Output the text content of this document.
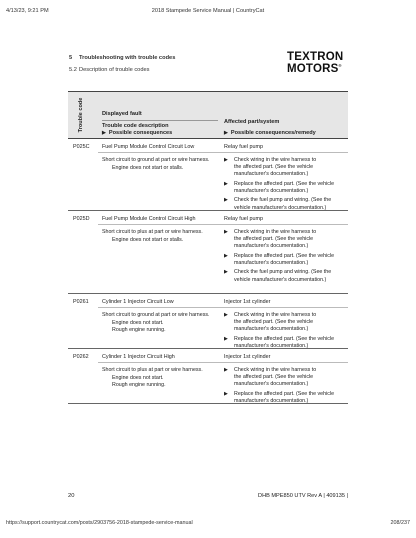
4/13/23, 9:21 PM	2018 Stampede Service Manual | CountryCat
TEXTRON
MOTORS®
5 Troubleshooting with trouble codes
5.2 Description of trouble codes
Trouble code	Displayed fault
Trouble code description
▶ Possible consequences
Affected part/system
▶ Possible consequences/remedy
P025C Fuel Pump Module Control Circuit Low	Relay fuel pump
Short circuit to ground at part or wire harness.
Engine does not start or stalls.
▶ Check wiring in the wire harness to
the affected part. (See the vehicle
manufacturer's documentation.)
▶ Replace the affected part. (See the vehicle
manufacturer's documentation.)
▶ Check the fuel pump and wiring. (See the
vehicle manufacturer's documentation.)
P025D Fuel Pump Module Control Circuit High	Relay fuel pump
Short circuit to plus at part or wire harness.
Engine does not start or stalls.
▶ Check wiring in the wire harness to
the affected part. (See the vehicle
manufacturer's documentation.)
▶ Replace the affected part. (See the vehicle
manufacturer's documentation.)
▶ Check the fuel pump and wiring. (See the
vehicle manufacturer's documentation.)
P0261 Cylinder 1 Injector Circuit Low	Injector 1st cylinder
Short circuit to ground at part or wire harness.
Engine does not start.
Rough engine running.
▶ Check wiring in the wire harness to
the affected part. (See the vehicle
manufacturer's documentation.)
▶ Replace the affected part. (See the vehicle
manufacturer's documentation.)
P0262 Cylinder 1 Injector Circuit High	Injector 1st cylinder
Short circuit to plus at part or wire harness.
Engine does not start.
Rough engine running.
▶ Check wiring in the wire harness to
the affected part. (See the vehicle
manufacturer's documentation.)
▶ Replace the affected part. (See the vehicle
manufacturer's documentation.)
20	DHB MPE850 UTV Rev A | 409135 |
https://support.countrycat.com/posts/2903756-2018-stampede-service-manual	208/237
